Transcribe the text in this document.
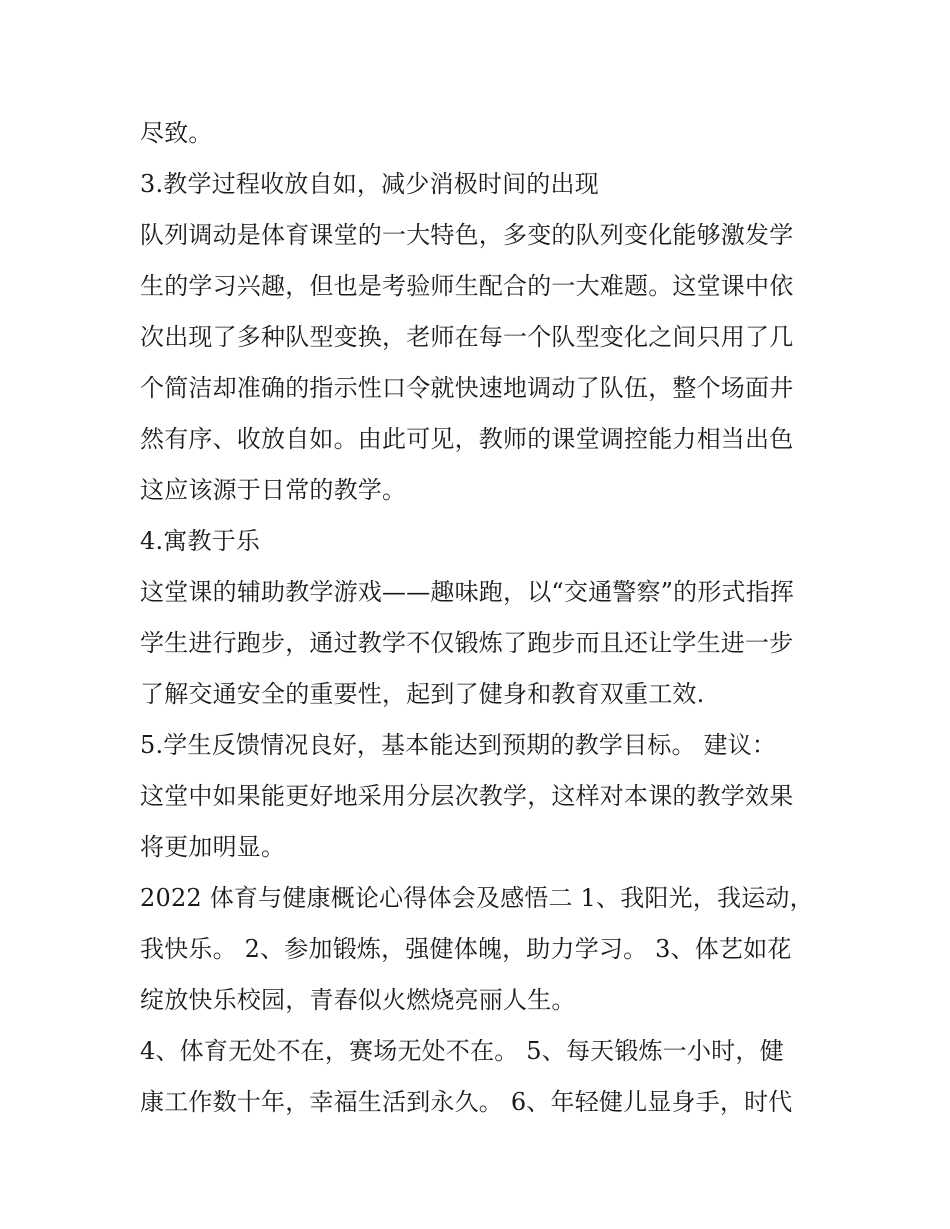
尽致。
3.教学过程收放自如，减少消极时间的出现
队列调动是体育课堂的一大特色，多变的队列变化能够激发学
生的学习兴趣，但也是考验师生配合的一大难题。这堂课中依
次出现了多种队型变换，老师在每一个队型变化之间只用了几
个简洁却准确的指示性口令就快速地调动了队伍，整个场面井
然有序、收放自如。由此可见，教师的课堂调控能力相当出色
这应该源于日常的教学。
4.寓教于乐
这堂课的辅助教学游戏——趣味跑，以“交通警察”的形式指挥
学生进行跑步，通过教学不仅锻炼了跑步而且还让学生进一步
了解交通安全的重要性，起到了健身和教育双重工效.
5.学生反馈情况良好，基本能达到预期的教学目标。 建议：
这堂中如果能更好地采用分层次教学，这样对本课的教学效果
将更加明显。
2022 体育与健康概论心得体会及感悟二 1、我阳光，我运动，
我快乐。 2、参加锻炼，强健体魄，助力学习。 3、体艺如花
绽放快乐校园，青春似火燃烧亮丽人生。
4、体育无处不在，赛场无处不在。 5、每天锻炼一小时，健
康工作数十年，幸福生活到永久。 6、年轻健儿显身手，时代
